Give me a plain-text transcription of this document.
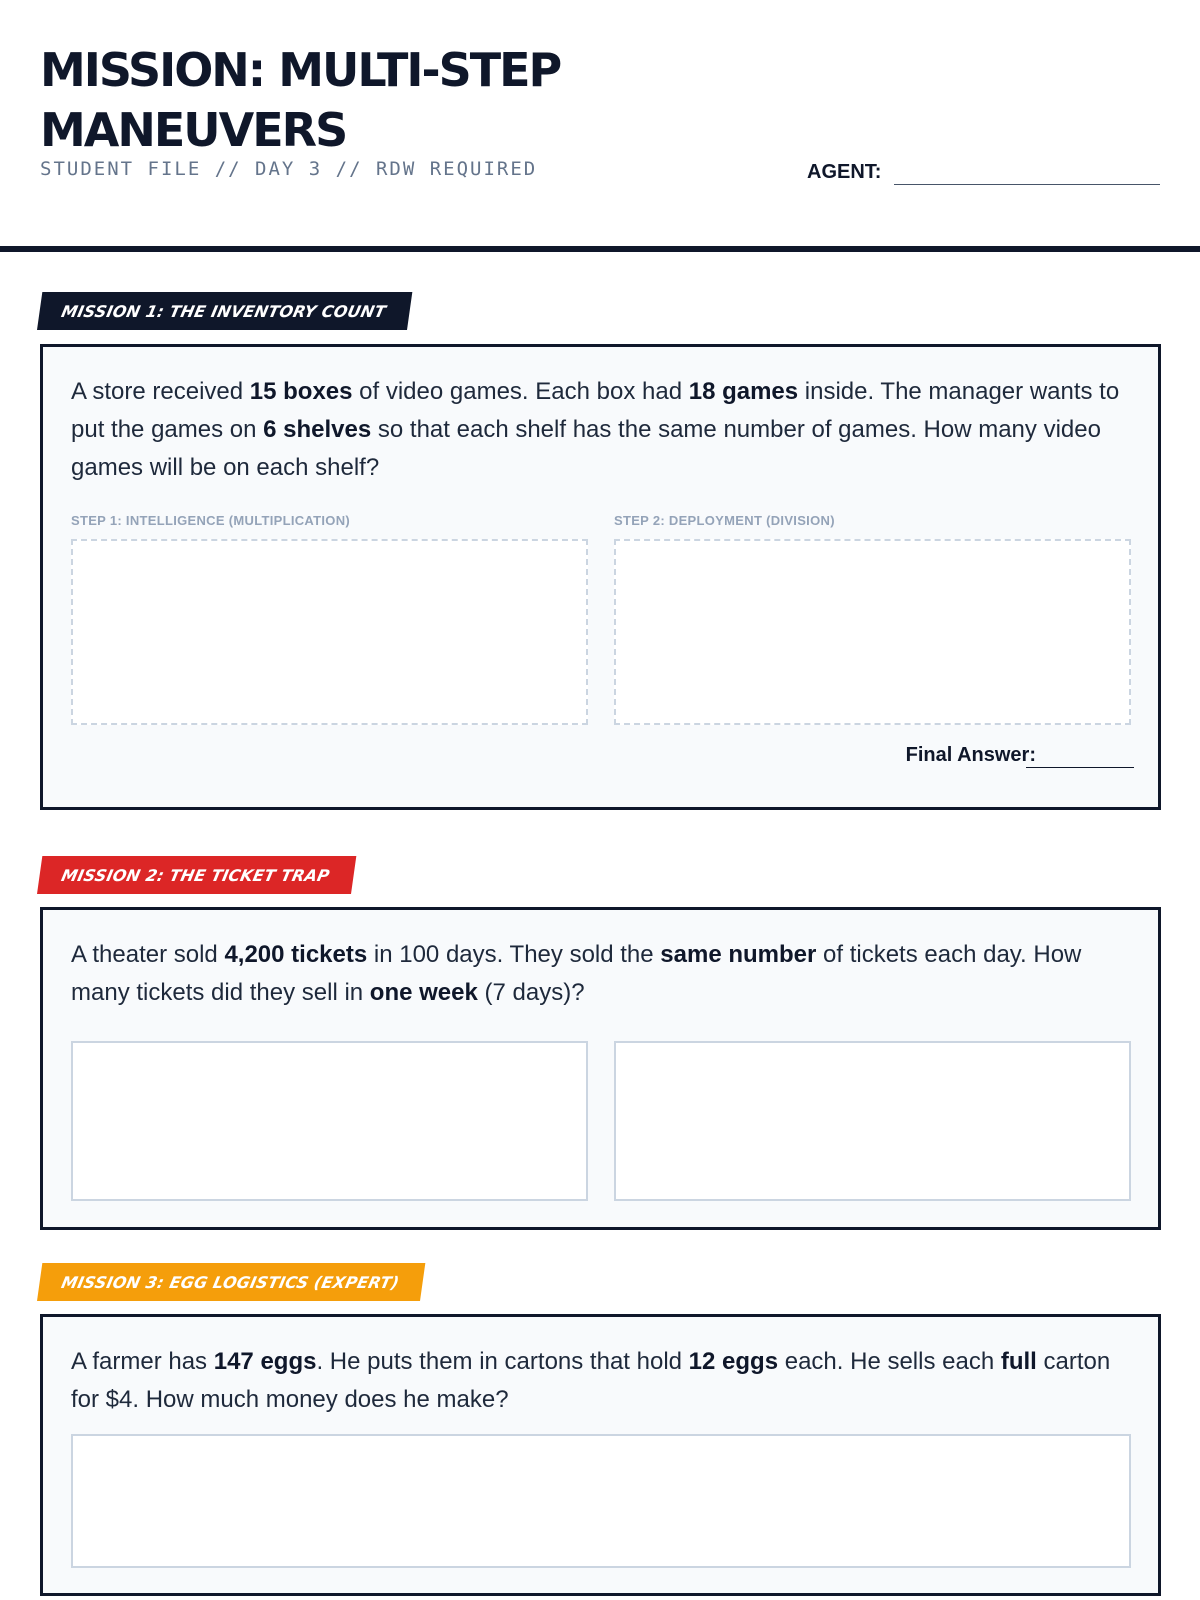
MISSION: MULTI-STEP MANEUVERS
STUDENT FILE // DAY 3 // RDW REQUIRED	AGENT:
MISSION 1: THE INVENTORY COUNT

A store received 15 boxes of video games. Each box had 18 games inside. The manager wants to put the games on 6 shelves so that each shelf has the same number of games. How many video games will be on each shelf?

STEP 1: INTELLIGENCE (MULTIPLICATION)	STEP 2: DEPLOYMENT (DIVISION)
Final Answer:
MISSION 2: THE TICKET TRAP

A theater sold 4,200 tickets in 100 days. They sold the same number of tickets each day. How many tickets did they sell in one week (7 days)?

MISSION 3: EGG LOGISTICS (EXPERT)

A farmer has 147 eggs. He puts them in cartons that hold 12 eggs each. He sells each full carton for $4. How much money does he make?
